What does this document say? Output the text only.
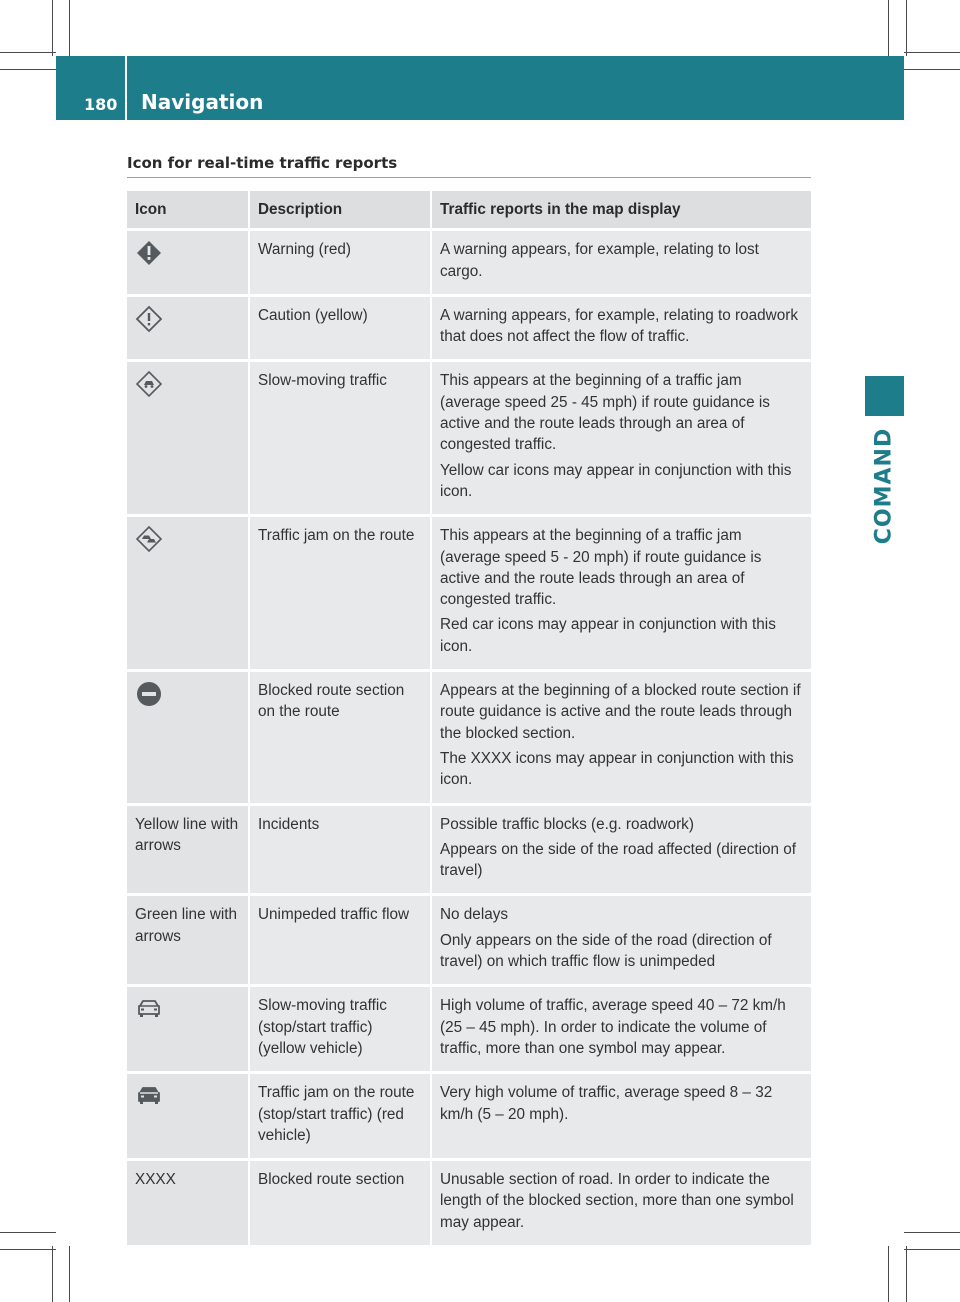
180 Navigation
COMAND
Icon for real-time traffic reports
Icon	Description	Traffic reports in the map display

	Warning (red)	A warning appears, for example, relating to lost cargo.

	Caution (yellow)	A warning appears, for example, relating to roadwork that does not affect the flow of traffic.

	Slow-moving traffic	This appears at the beginning of a traffic jam (average speed 25 - 45 mph) if route guidance is active and the route leads through an area of congested traffic.
Yellow car icons may appear in conjunction with this icon.

	Traffic jam on the route	This appears at the beginning of a traffic jam (average speed 5 - 20 mph) if route guidance is active and the route leads through an area of congested traffic.
Red car icons may appear in conjunction with this icon.

	Blocked route section on the route	Appears at the beginning of a blocked route section if route guidance is active and the route leads through the blocked section.
The XXXX icons may appear in conjunction with this icon.

Yellow line with arrows	Incidents	Possible traffic blocks (e.g. roadwork)
Appears on the side of the road affected (direction of travel)

Green line with arrows	Unimpeded traffic flow	No delays
Only appears on the side of the road (direction of travel) on which traffic flow is unimpeded

	Slow-moving traffic (stop/start traffic) (yellow vehicle)	High volume of traffic, average speed 40 – 72 km/h (25 – 45 mph). In order to indicate the volume of traffic, more than one symbol may appear.

	Traffic jam on the route (stop/start traffic) (red vehicle)	Very high volume of traffic, average speed 8 – 32 km/h (5 – 20 mph).

XXXX	Blocked route section	Unusable section of road. In order to indicate the length of the blocked section, more than one symbol may appear.
